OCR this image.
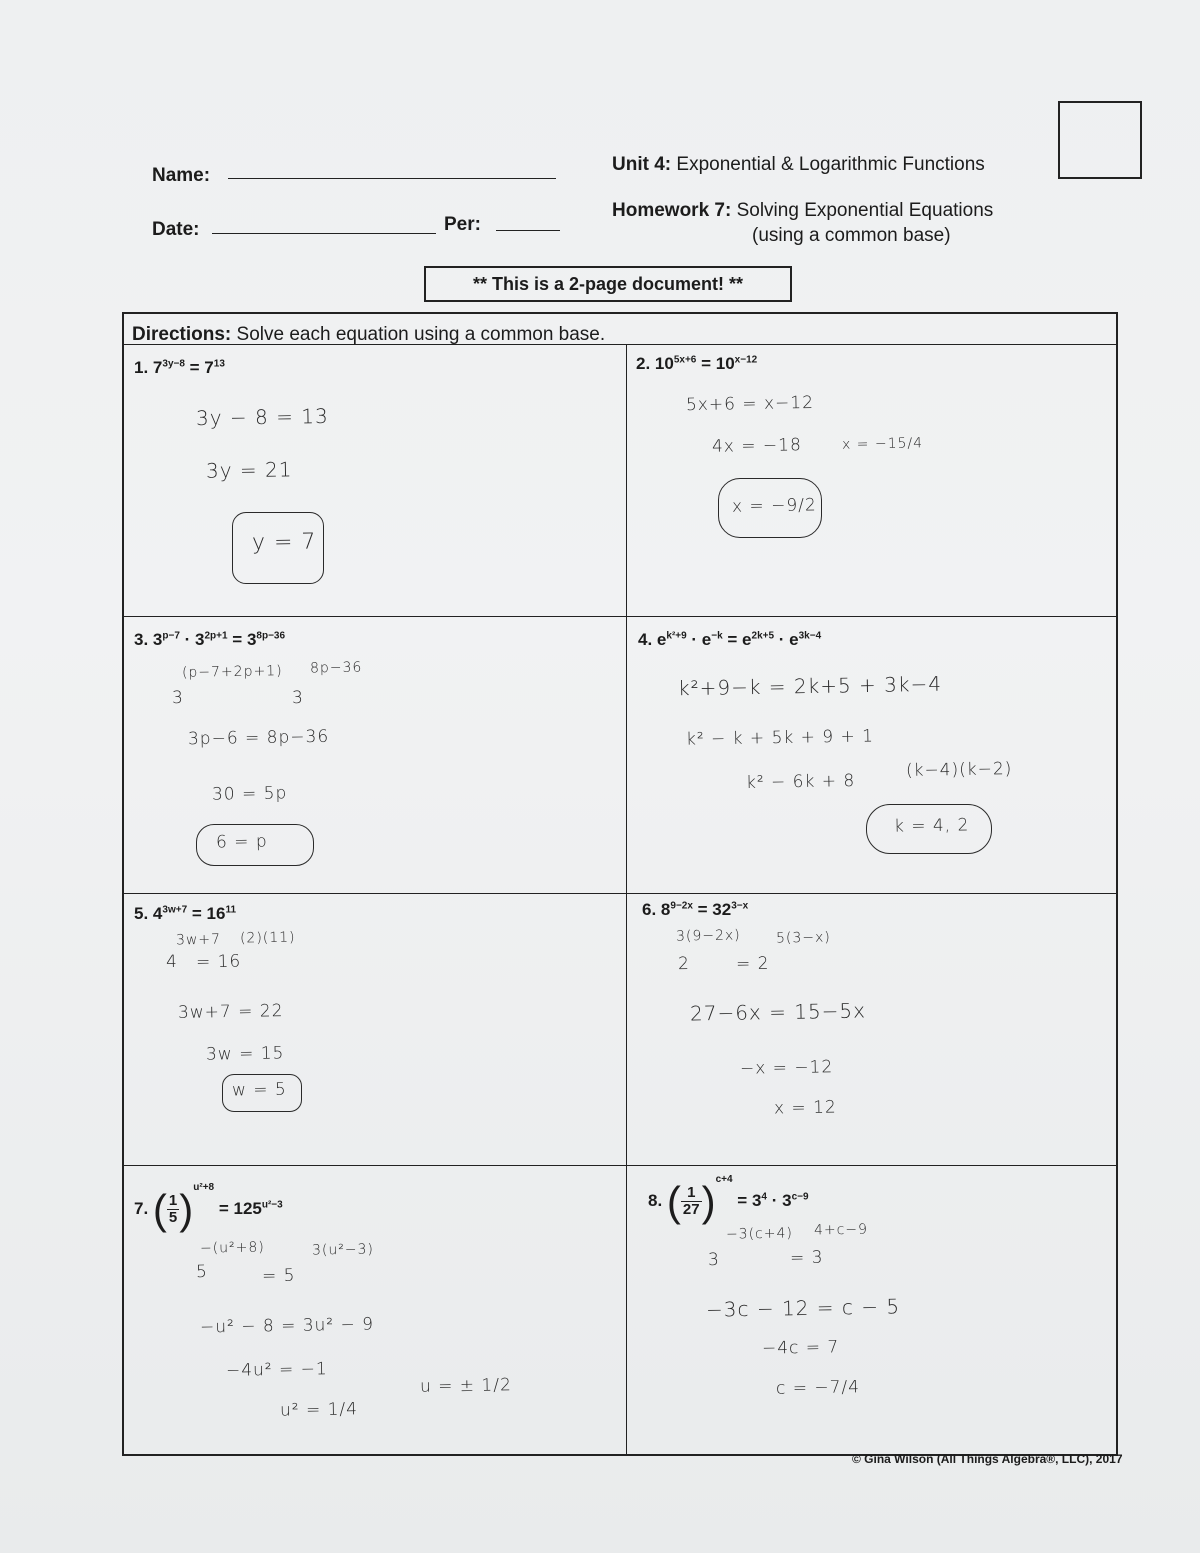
Name:
Date:	Per:
Unit 4: Exponential & Logarithmic Functions
Homework 7: Solving Exponential Equations
(using a common base)
** This is a 2-page document! **
Directions: Solve each equation using a common base.
1. $7^{3y-8} = 7^{13}$
3y − 8 = 13
3y = 21
y = 7
2. $10^{5x+6} = 10^{x-12}$
5x+6 = x−12
4x = −18	x = −15/4
x = −9/2
3. $3^{p-7} \cdot 3^{2p+1} = 3^{8p-36}$
(p−7+2p+1) 8p−36
3	3
3p−6 = 8p−36
30 = 5p
6 = p
4. $e^{k^2+9} \cdot e^{-k} = e^{2k+5} \cdot e^{3k-4}$
k²+9−k = 2k+5 + 3k−4
k² − k + 5k + 9 + 1
k² − 6k + 8
(k−4)(k−2)
k = 4, 2
5. $4^{3w+7} = 16^{11}$
4
3w+7 (2)(11)
= 16
3w+7 = 22
3w = 15
w = 5
6. $8^{9-2x} = 32^{3-x}$
3(9−2x)	5(3−x)
2	= 2
27−6x = 15−5x
−x = −12
x = 12
7. ( $\frac{1}{5} )^{u^2+8} = 125^{u^2-3}$
−(u²+8)	3(u²−3)
5	= 5
−u² − 8 = 3u² − 9
−4u² = −1
u² = 1/4
u = ± 1/2
8. ( $\frac{1}{27} )^{c+4} = 3^4 \cdot 3^{c-9}$
−3(c+4) 4+c−9
3	= 3
−3c − 12 = c − 5
−4c = 7
c = −7/4
© Gina Wilson (All Things Algebra®, LLC), 2017
